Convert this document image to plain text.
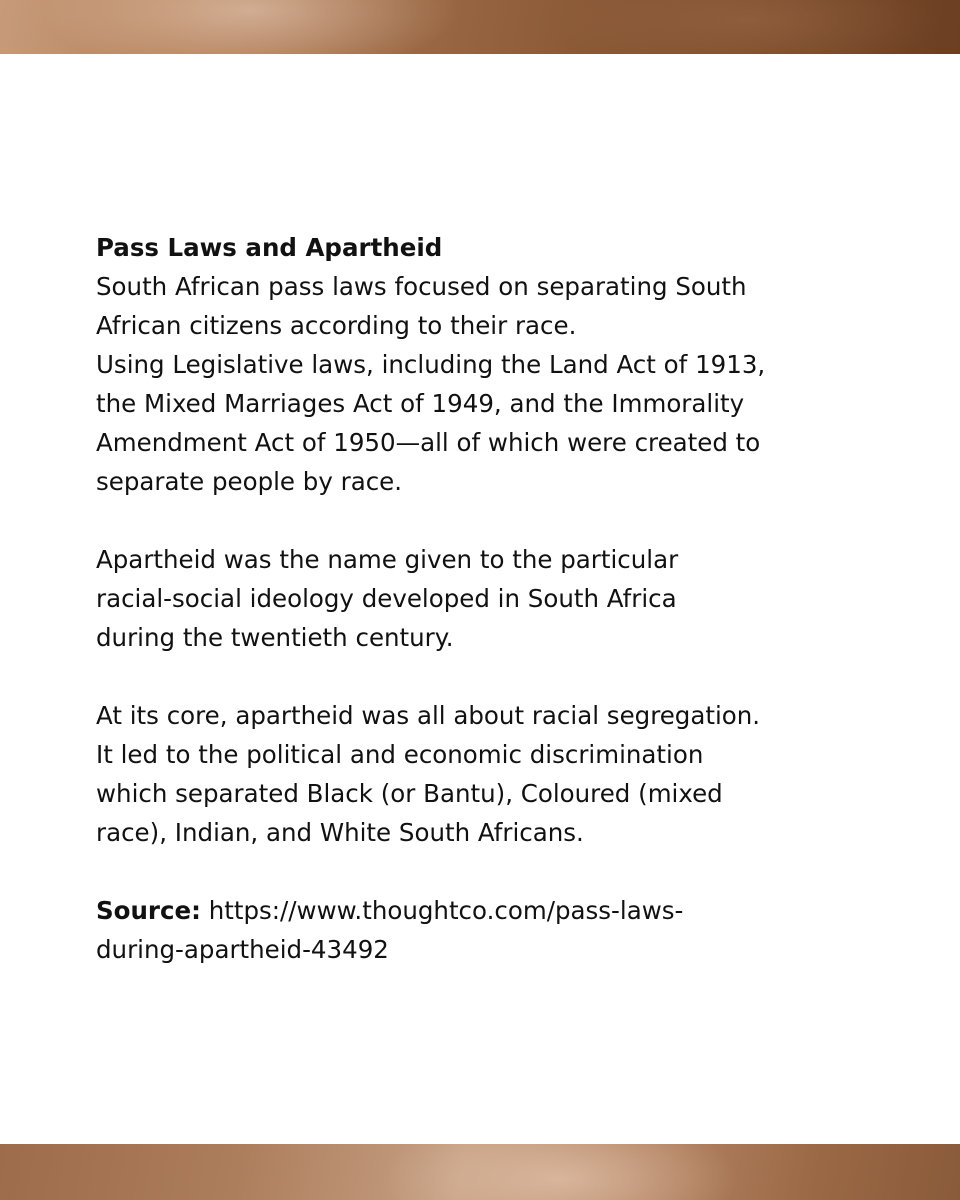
Pass Laws and Apartheid

South African pass laws focused on separating South
African citizens according to their race.
Using Legislative laws, including the Land Act of 1913,
the Mixed Marriages Act of 1949, and the Immorality
Amendment Act of 1950—all of which were created to
separate people by race.

Apartheid was the name given to the particular
racial-social ideology developed in South Africa
during the twentieth century.

At its core, apartheid was all about racial segregation.
It led to the political and economic discrimination
which separated Black (or Bantu), Coloured (mixed
race), Indian, and White South Africans.

Source: https://www.thoughtco.com/pass-laws-
during-apartheid-43492
